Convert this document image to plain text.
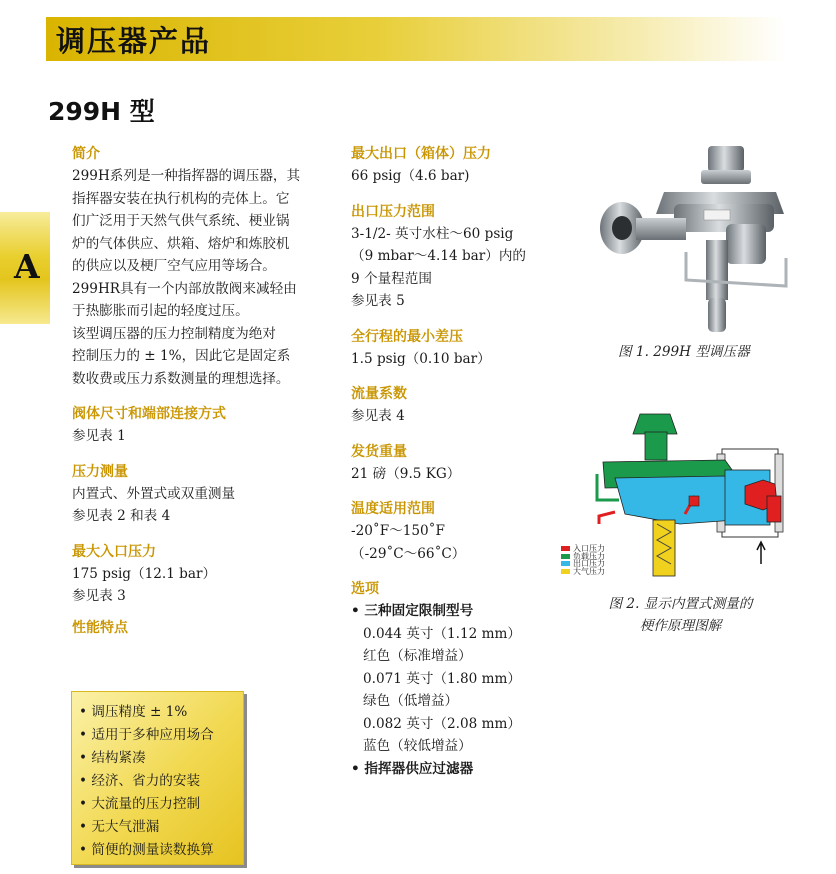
调压器产品
299H 型
A
简介
299H系列是一种指挥器的调压器，其
指挥器安装在执行机构的壳体上。它
们广泛用于天然气供气系统、梗业锅
炉的气体供应、烘箱、熔炉和炼胶机
的供应以及梗厂空气应用等场合。
299HR具有一个内部放散阀来减轻由
于热膨胀而引起的轻度过压。
该型调压器的压力控制精度为绝对
控制压力的 ± 1%，因此它是固定系
数收费或压力系数测量的理想选择。
阀体尺寸和端部连接方式
参见表 1
压力测量
内置式、外置式或双重测量
参见表 2 和表 4
最大入口压力
175 psig（12.1 bar）
参见表 3
性能特点
• 调压精度 ± 1%
• 适用于多种应用场合
• 结构紧凑
• 经济、省力的安装
• 大流量的压力控制
• 无大气泄漏
• 简便的测量读数换算
最大出口（箱体）压力
66 psig（4.6 bar)
出口压力范围
3-1/2- 英寸水柱～60 psig
（9 mbar～4.14 bar）内的
9 个量程范围
参见表 5
全行程的最小差压
1.5 psig（0.10 bar）
流量系数
参见表 4
发货重量
21 磅（9.5 KG）
温度适用范围
-20˚F～150˚F
（-29˚C～66˚C）
选项
• 三种固定限制型号
0.044 英寸（1.12 mm）
红色（标准增益）
0.071 英寸（1.80 mm）
绿色（低增益）
0.082 英寸（2.08 mm）
蓝色（较低增益）
• 指挥器供应过滤器
图 1. 299H 型调压器
入口压力
负载压力
出口压力
大气压力
图 2. 显示内置式测量的
梗作原理图解
